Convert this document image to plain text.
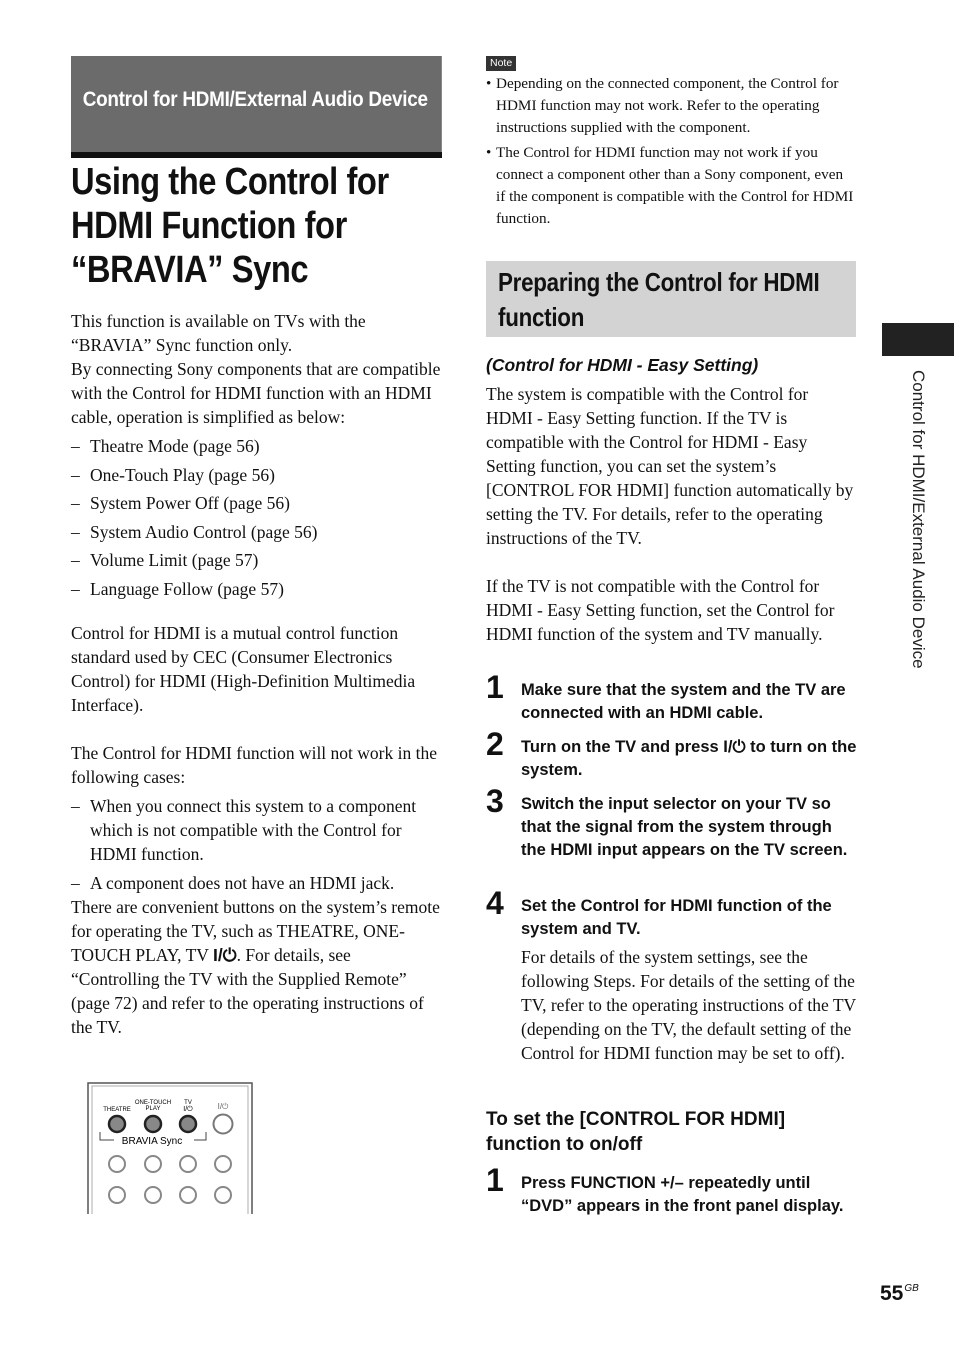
Control for HDMI/External Audio Device
Using the Control for HDMI Function for “BRAVIA” Sync
This function is available on TVs with the “BRAVIA” Sync function only.
By connecting Sony components that are compatible with the Control for HDMI function with an HDMI cable, operation is simplified as below:
– Theatre Mode (page 56)
– One-Touch Play (page 56)
– System Power Off (page 56)
– System Audio Control (page 56)
– Volume Limit (page 57)
– Language Follow (page 57)
Control for HDMI is a mutual control function standard used by CEC (Consumer Electronics Control) for HDMI (High-Definition Multimedia Interface).
The Control for HDMI function will not work in the following cases:
– When you connect this system to a component which is not compatible with the Control for HDMI function.
– A component does not have an HDMI jack.
There are convenient buttons on the system’s remote for operating the TV, such as THEATRE, ONE-TOUCH PLAY, TV I/⏻. For details, see “Controlling the TV with the Supplied Remote” (page 72) and refer to the operating instructions of the TV.
THEATRE
ONE-TOUCH
PLAY
TV
I/⏻	I/⏻
BRAVIA Sync
Note
• Depending on the connected component, the Control for HDMI function may not work. Refer to the operating instructions supplied with the component.
• The Control for HDMI function may not work if you connect a component other than a Sony component, even if the component is compatible with the Control for HDMI function.
Preparing the Control for HDMI function
(Control for HDMI - Easy Setting)
The system is compatible with the Control for HDMI - Easy Setting function. If the TV is compatible with the Control for HDMI - Easy Setting function, you can set the system’s [CONTROL FOR HDMI] function automatically by setting the TV. For details, refer to the operating instructions of the TV.
If the TV is not compatible with the Control for HDMI - Easy Setting function, set the Control for HDMI function of the system and TV manually.
1 Make sure that the system and the TV are connected with an HDMI cable.
2 Turn on the TV and press I/⏻ to turn on the system.
3 Switch the input selector on your TV so that the signal from the system through the HDMI input appears on the TV screen.
4 Set the Control for HDMI function of the system and TV.
For details of the system settings, see the following Steps. For details of the setting of the TV, refer to the operating instructions of the TV (depending on the TV, the default setting of the Control for HDMI function may be set to off).
To set the [CONTROL FOR HDMI] function to on/off
1 Press FUNCTION +/– repeatedly until “DVD” appears in the front panel display.
Control for HDMI/External Audio Device
$55^{GB}$
